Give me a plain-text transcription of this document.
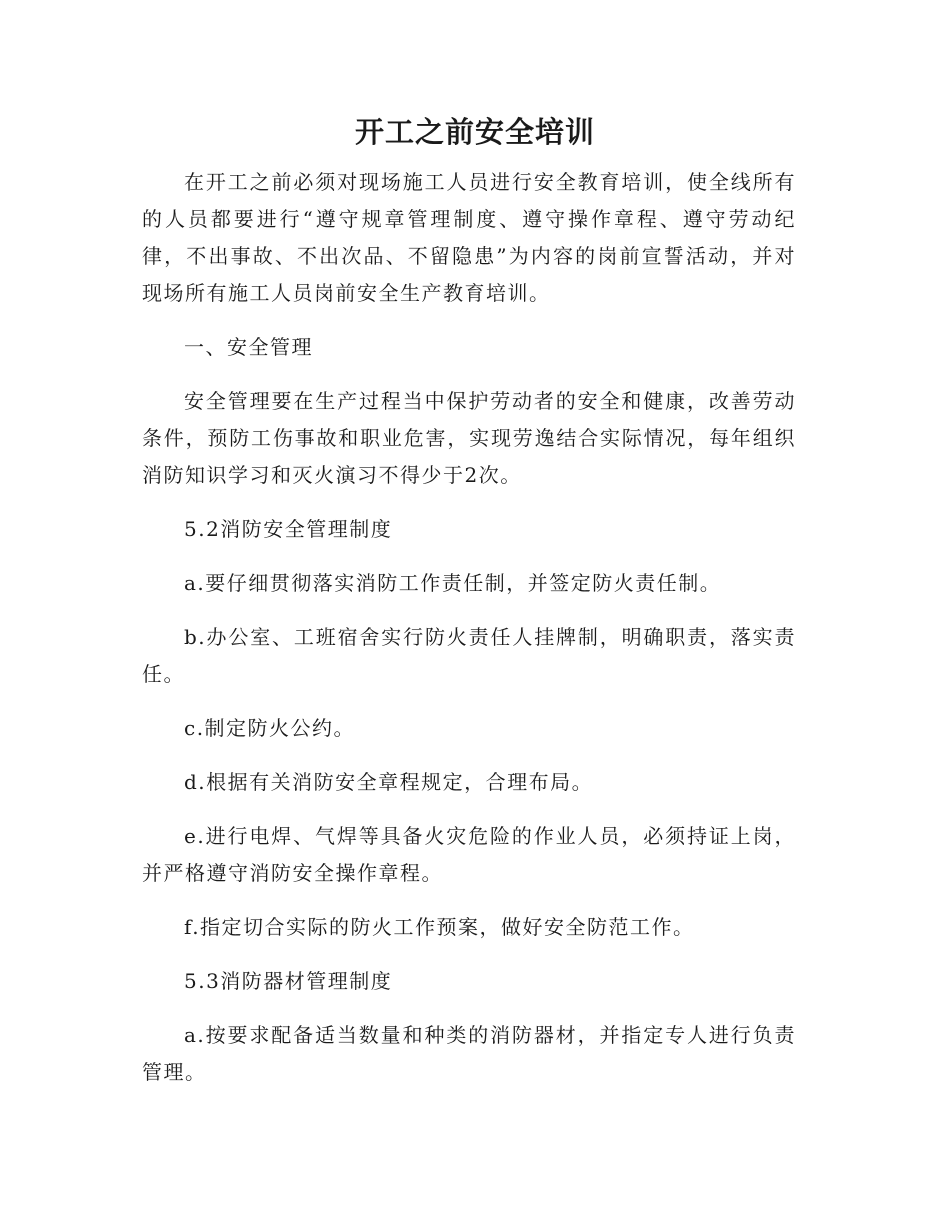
开工之前安全培训

在开工之前必须对现场施工人员进行安全教育培训，使全线所有的人员都要进行“遵守规章管理制度、遵守操作章程、遵守劳动纪律，不出事故、不出次品、不留隐患”为内容的岗前宣誓活动，并对现场所有施工人员岗前安全生产教育培训。

一、安全管理

安全管理要在生产过程当中保护劳动者的安全和健康，改善劳动条件，预防工伤事故和职业危害，实现劳逸结合实际情况，每年组织消防知识学习和灭火演习不得少于2次。

5.2消防安全管理制度

a.要仔细贯彻落实消防工作责任制，并签定防火责任制。

b.办公室、工班宿舍实行防火责任人挂牌制，明确职责，落实责任。

c.制定防火公约。

d.根据有关消防安全章程规定，合理布局。

e.进行电焊、气焊等具备火灾危险的作业人员，必须持证上岗，并严格遵守消防安全操作章程。

f.指定切合实际的防火工作预案，做好安全防范工作。

5.3消防器材管理制度

a.按要求配备适当数量和种类的消防器材，并指定专人进行负责管理。
